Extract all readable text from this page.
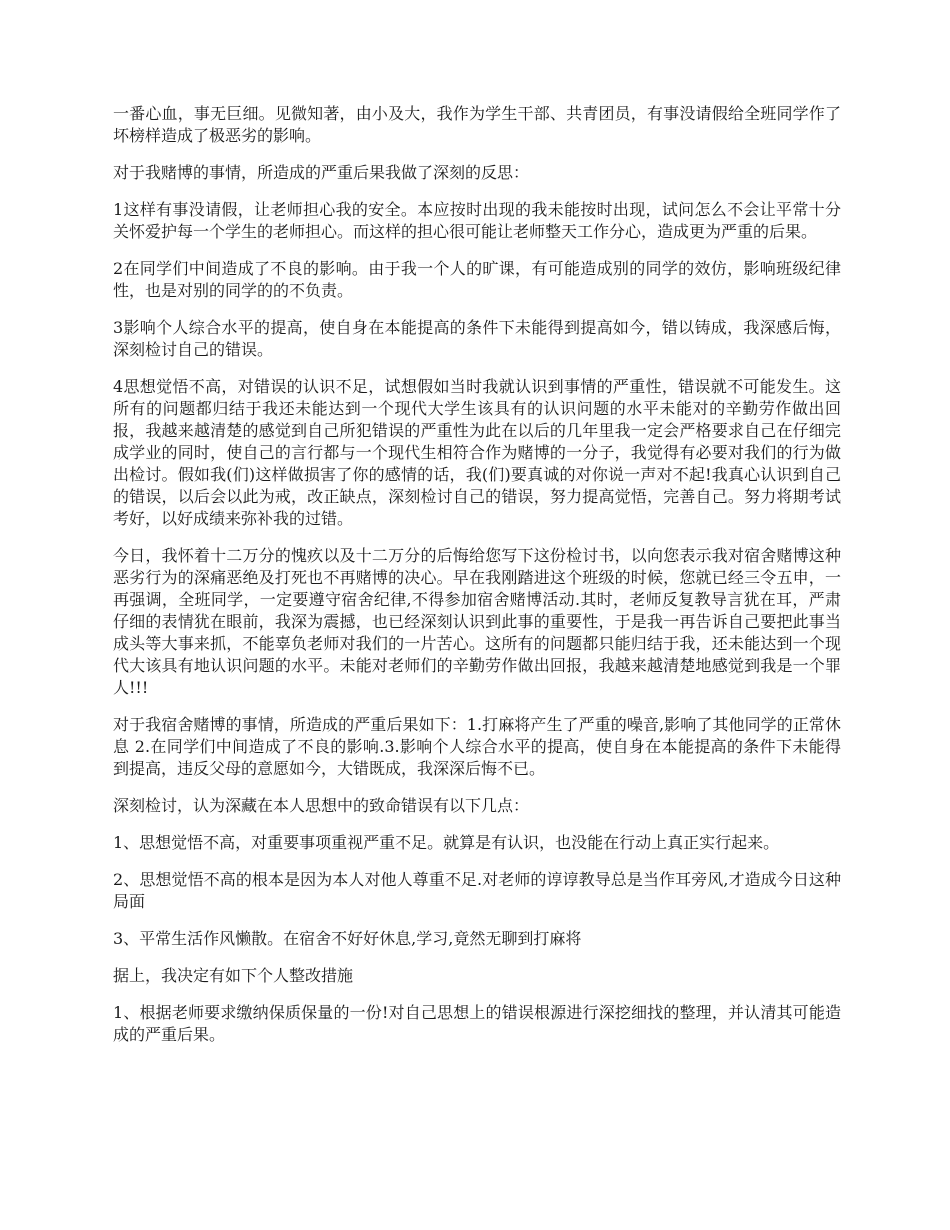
一番心血，事无巨细。见微知著，由小及大，我作为学生干部、共青团员，有事没请假给全班同学作了坏榜样造成了极恶劣的影响。

对于我赌博的事情，所造成的严重后果我做了深刻的反思：

1这样有事没请假，让老师担心我的安全。本应按时出现的我未能按时出现，试问怎么不会让平常十分关怀爱护每一个学生的老师担心。而这样的担心很可能让老师整天工作分心，造成更为严重的后果。

2在同学们中间造成了不良的影响。由于我一个人的旷课，有可能造成别的同学的效仿，影响班级纪律性，也是对别的同学的的不负责。

3影响个人综合水平的提高，使自身在本能提高的条件下未能得到提高如今，错以铸成，我深感后悔，深刻检讨自己的错误。

4思想觉悟不高，对错误的认识不足，试想假如当时我就认识到事情的严重性，错误就不可能发生。这所有的问题都归结于我还未能达到一个现代大学生该具有的认识问题的水平未能对的辛勤劳作做出回报，我越来越清楚的感觉到自己所犯错误的严重性为此在以后的几年里我一定会严格要求自己在仔细完成学业的同时，使自己的言行都与一个现代生相符合作为赌博的一分子，我觉得有必要对我们的行为做出检讨。假如我(们)这样做损害了你的感情的话，我(们)要真诚的对你说一声对不起!我真心认识到自己的错误，以后会以此为戒，改正缺点，深刻检讨自己的错误，努力提高觉悟，完善自己。努力将期考试考好，以好成绩来弥补我的过错。

今日，我怀着十二万分的愧疚以及十二万分的后悔给您写下这份检讨书，以向您表示我对宿舍赌博这种恶劣行为的深痛恶绝及打死也不再赌博的决心。早在我刚踏进这个班级的时候，您就已经三令五申，一再强调，全班同学，一定要遵守宿舍纪律,不得参加宿舍赌博活动.其时，老师反复教导言犹在耳，严肃仔细的表情犹在眼前，我深为震撼，也已经深刻认识到此事的重要性，于是我一再告诉自己要把此事当成头等大事来抓，不能辜负老师对我们的一片苦心。这所有的问题都只能归结于我，还未能达到一个现代大该具有地认识问题的水平。未能对老师们的辛勤劳作做出回报，我越来越清楚地感觉到我是一个罪人!!!

对于我宿舍赌博的事情，所造成的严重后果如下：1.打麻将产生了严重的噪音,影响了其他同学的正常休息 2.在同学们中间造成了不良的影响.3.影响个人综合水平的提高，使自身在本能提高的条件下未能得到提高，违反父母的意愿如今，大错既成，我深深后悔不已。

深刻检讨，认为深藏在本人思想中的致命错误有以下几点：

1、思想觉悟不高，对重要事项重视严重不足。就算是有认识，也没能在行动上真正实行起来。

2、思想觉悟不高的根本是因为本人对他人尊重不足.对老师的谆谆教导总是当作耳旁风,才造成今日这种局面

3、平常生活作风懒散。在宿舍不好好休息,学习,竟然无聊到打麻将

据上，我决定有如下个人整改措施

1、根据老师要求缴纳保质保量的一份!对自己思想上的错误根源进行深挖细找的整理，并认清其可能造成的严重后果。
